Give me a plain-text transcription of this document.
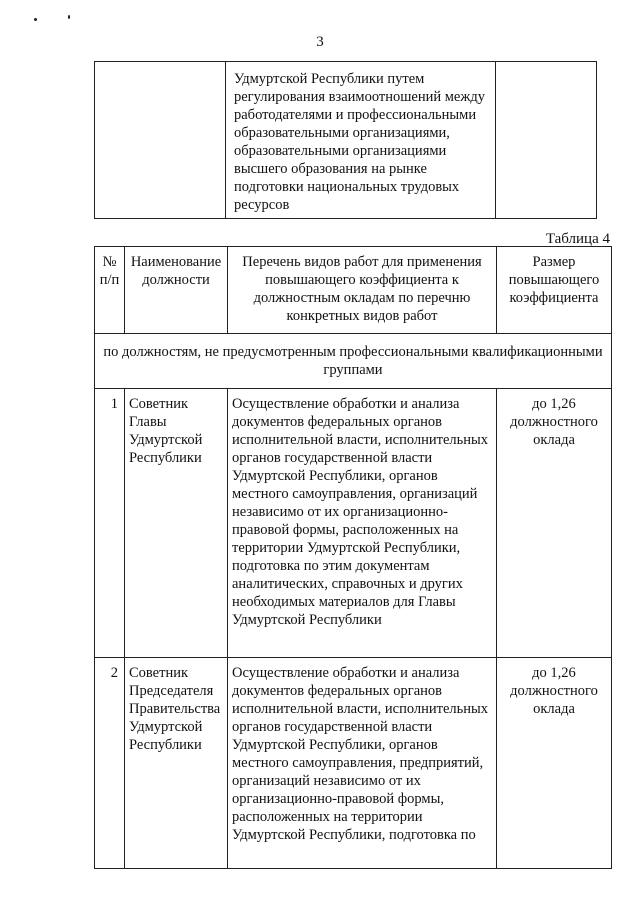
3
	Удмуртской Республики путем регулирования взаимоотношений между работодателями и профессиональными образовательными организациями, образовательными организациями высшего образования на рынке подготовки национальных трудовых ресурсов	
Таблица 4
№ п/п	Наименование должности	Перечень видов работ для применения повышающего коэффициента к должностным окладам по перечню конкретных видов работ	Размер повышающего коэффициента
по должностям, не предусмотренным профессиональными квалификационными группами			
1	Советник Главы Удмуртской Республики	Осуществление обработки и анализа документов федеральных органов исполнительной власти, исполнительных органов государственной власти Удмуртской Республики, органов местного самоуправления, организаций независимо от их организационно-правовой формы, расположенных на территории Удмуртской Республики, подготовка по этим документам аналитических, справочных и других необходимых материалов для Главы Удмуртской Республики	до 1,26 должностного оклада
2	Советник Председателя Правительства Удмуртской Республики	Осуществление обработки и анализа документов федеральных органов исполнительной власти, исполнительных органов государственной власти Удмуртской Республики, органов местного самоуправления, предприятий, организаций независимо от их организационно-правовой формы, расположенных на территории Удмуртской Республики, подготовка по	до 1,26 должностного оклада
